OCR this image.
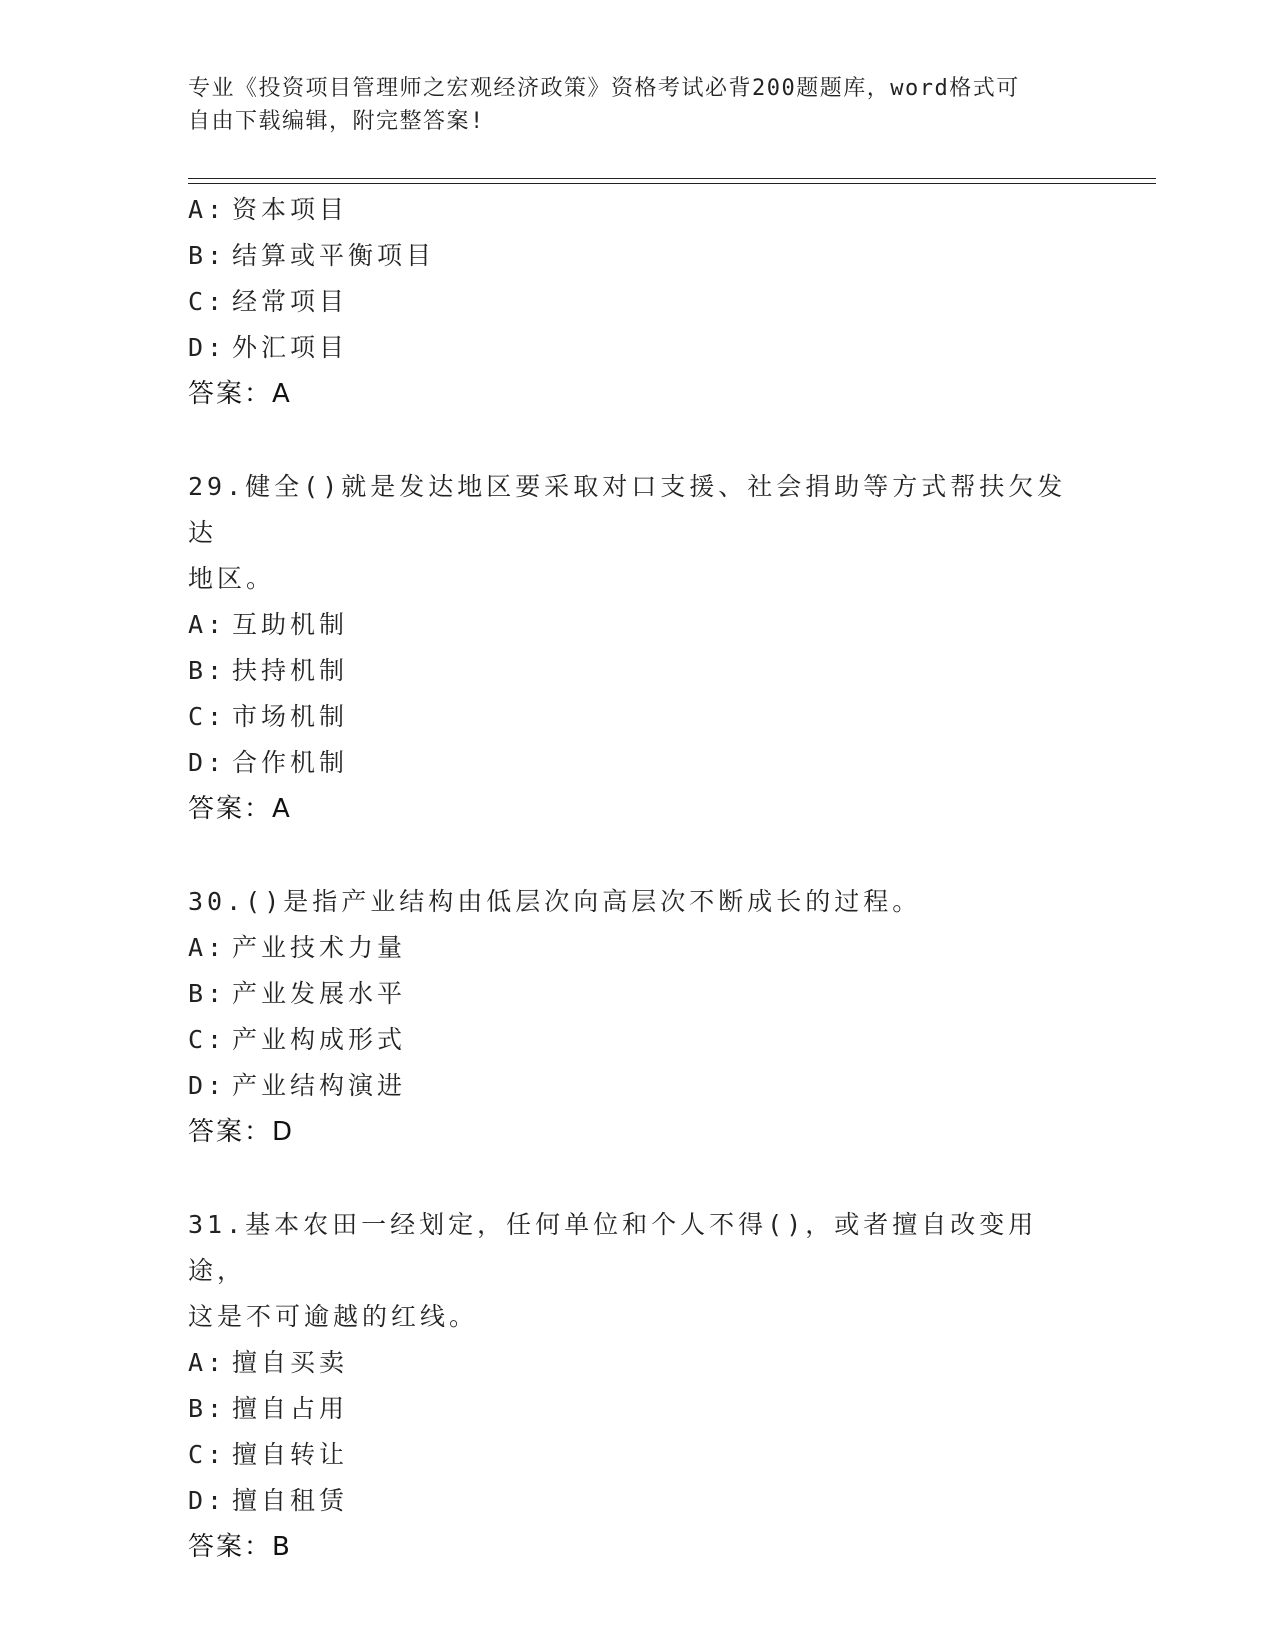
专业《投资项目管理师之宏观经济政策》资格考试必背200题题库，word格式可
自由下载编辑，附完整答案!
A: 资本项目
B: 结算或平衡项目
C: 经常项目
D: 外汇项目
答案：A
29.健全()就是发达地区要采取对口支援、社会捐助等方式帮扶欠发达
地区。
A: 互助机制
B: 扶持机制
C: 市场机制
D: 合作机制
答案：A
30.()是指产业结构由低层次向高层次不断成长的过程。
A: 产业技术力量
B: 产业发展水平
C: 产业构成形式
D: 产业结构演进
答案：D
31.基本农田一经划定，任何单位和个人不得()，或者擅自改变用途，
这是不可逾越的红线。
A: 擅自买卖
B: 擅自占用
C: 擅自转让
D: 擅自租赁
答案：B
